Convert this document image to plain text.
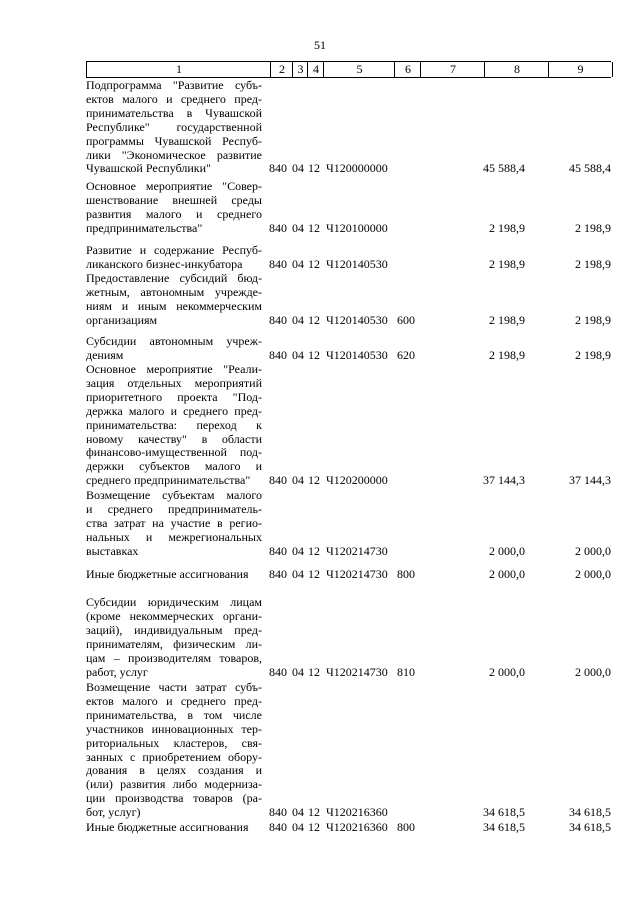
51
1	2	3 4	5	6	7	8	9
Подпрограмма "Развитие субъ-
ектов малого и среднего пред-
принимательства в Чувашской
Республике" государственной
программы Чувашской Респуб-
лики "Экономическое развитие
Чувашской Республики"	840 04 12 Ч120000000	45 588,4	45 588,4
Основное мероприятие "Совер-
шенствование внешней среды
развития малого и среднего
предпринимательства"	840 04 12 Ч120100000	2 198,9	2 198,9
Развитие и содержание Респуб-
ликанского бизнес-инкубатора	840 04 12 Ч120140530	2 198,9	2 198,9
Предоставление субсидий бюд-
жетным, автономным учрежде-
ниям и иным некоммерческим
организациям	840 04 12 Ч120140530 600	2 198,9	2 198,9
Субсидии автономным учреж-
дениям	840 04 12 Ч120140530 620	2 198,9	2 198,9
Основное мероприятие "Реали-
зация отдельных мероприятий
приоритетного проекта "Под-
держка малого и среднего пред-
принимательства: переход к
новому качеству" в области
финансово-имущественной под-
держки субъектов малого и
среднего предпринимательства"	840 04 12 Ч120200000	37 144,3	37 144,3
Возмещение субъектам малого
и среднего предприниматель-
ства затрат на участие в регио-
нальных и межрегиональных
выставках	840 04 12 Ч120214730	2 000,0	2 000,0
Иные бюджетные ассигнования	840 04 12 Ч120214730 800	2 000,0	2 000,0
Субсидии юридическим лицам
(кроме некоммерческих органи-
заций), индивидуальным пред-
принимателям, физическим ли-
цам – производителям товаров,
работ, услуг	840 04 12 Ч120214730 810	2 000,0	2 000,0
Возмещение части затрат субъ-
ектов малого и среднего пред-
принимательства, в том числе
участников инновационных тер-
риториальных кластеров, свя-
занных с приобретением обору-
дования в целях создания и
(или) развития либо модерниза-
ции производства товаров (ра-
бот, услуг)	840 04 12 Ч120216360	34 618,5	34 618,5
Иные бюджетные ассигнования	840 04 12 Ч120216360 800	34 618,5	34 618,5
